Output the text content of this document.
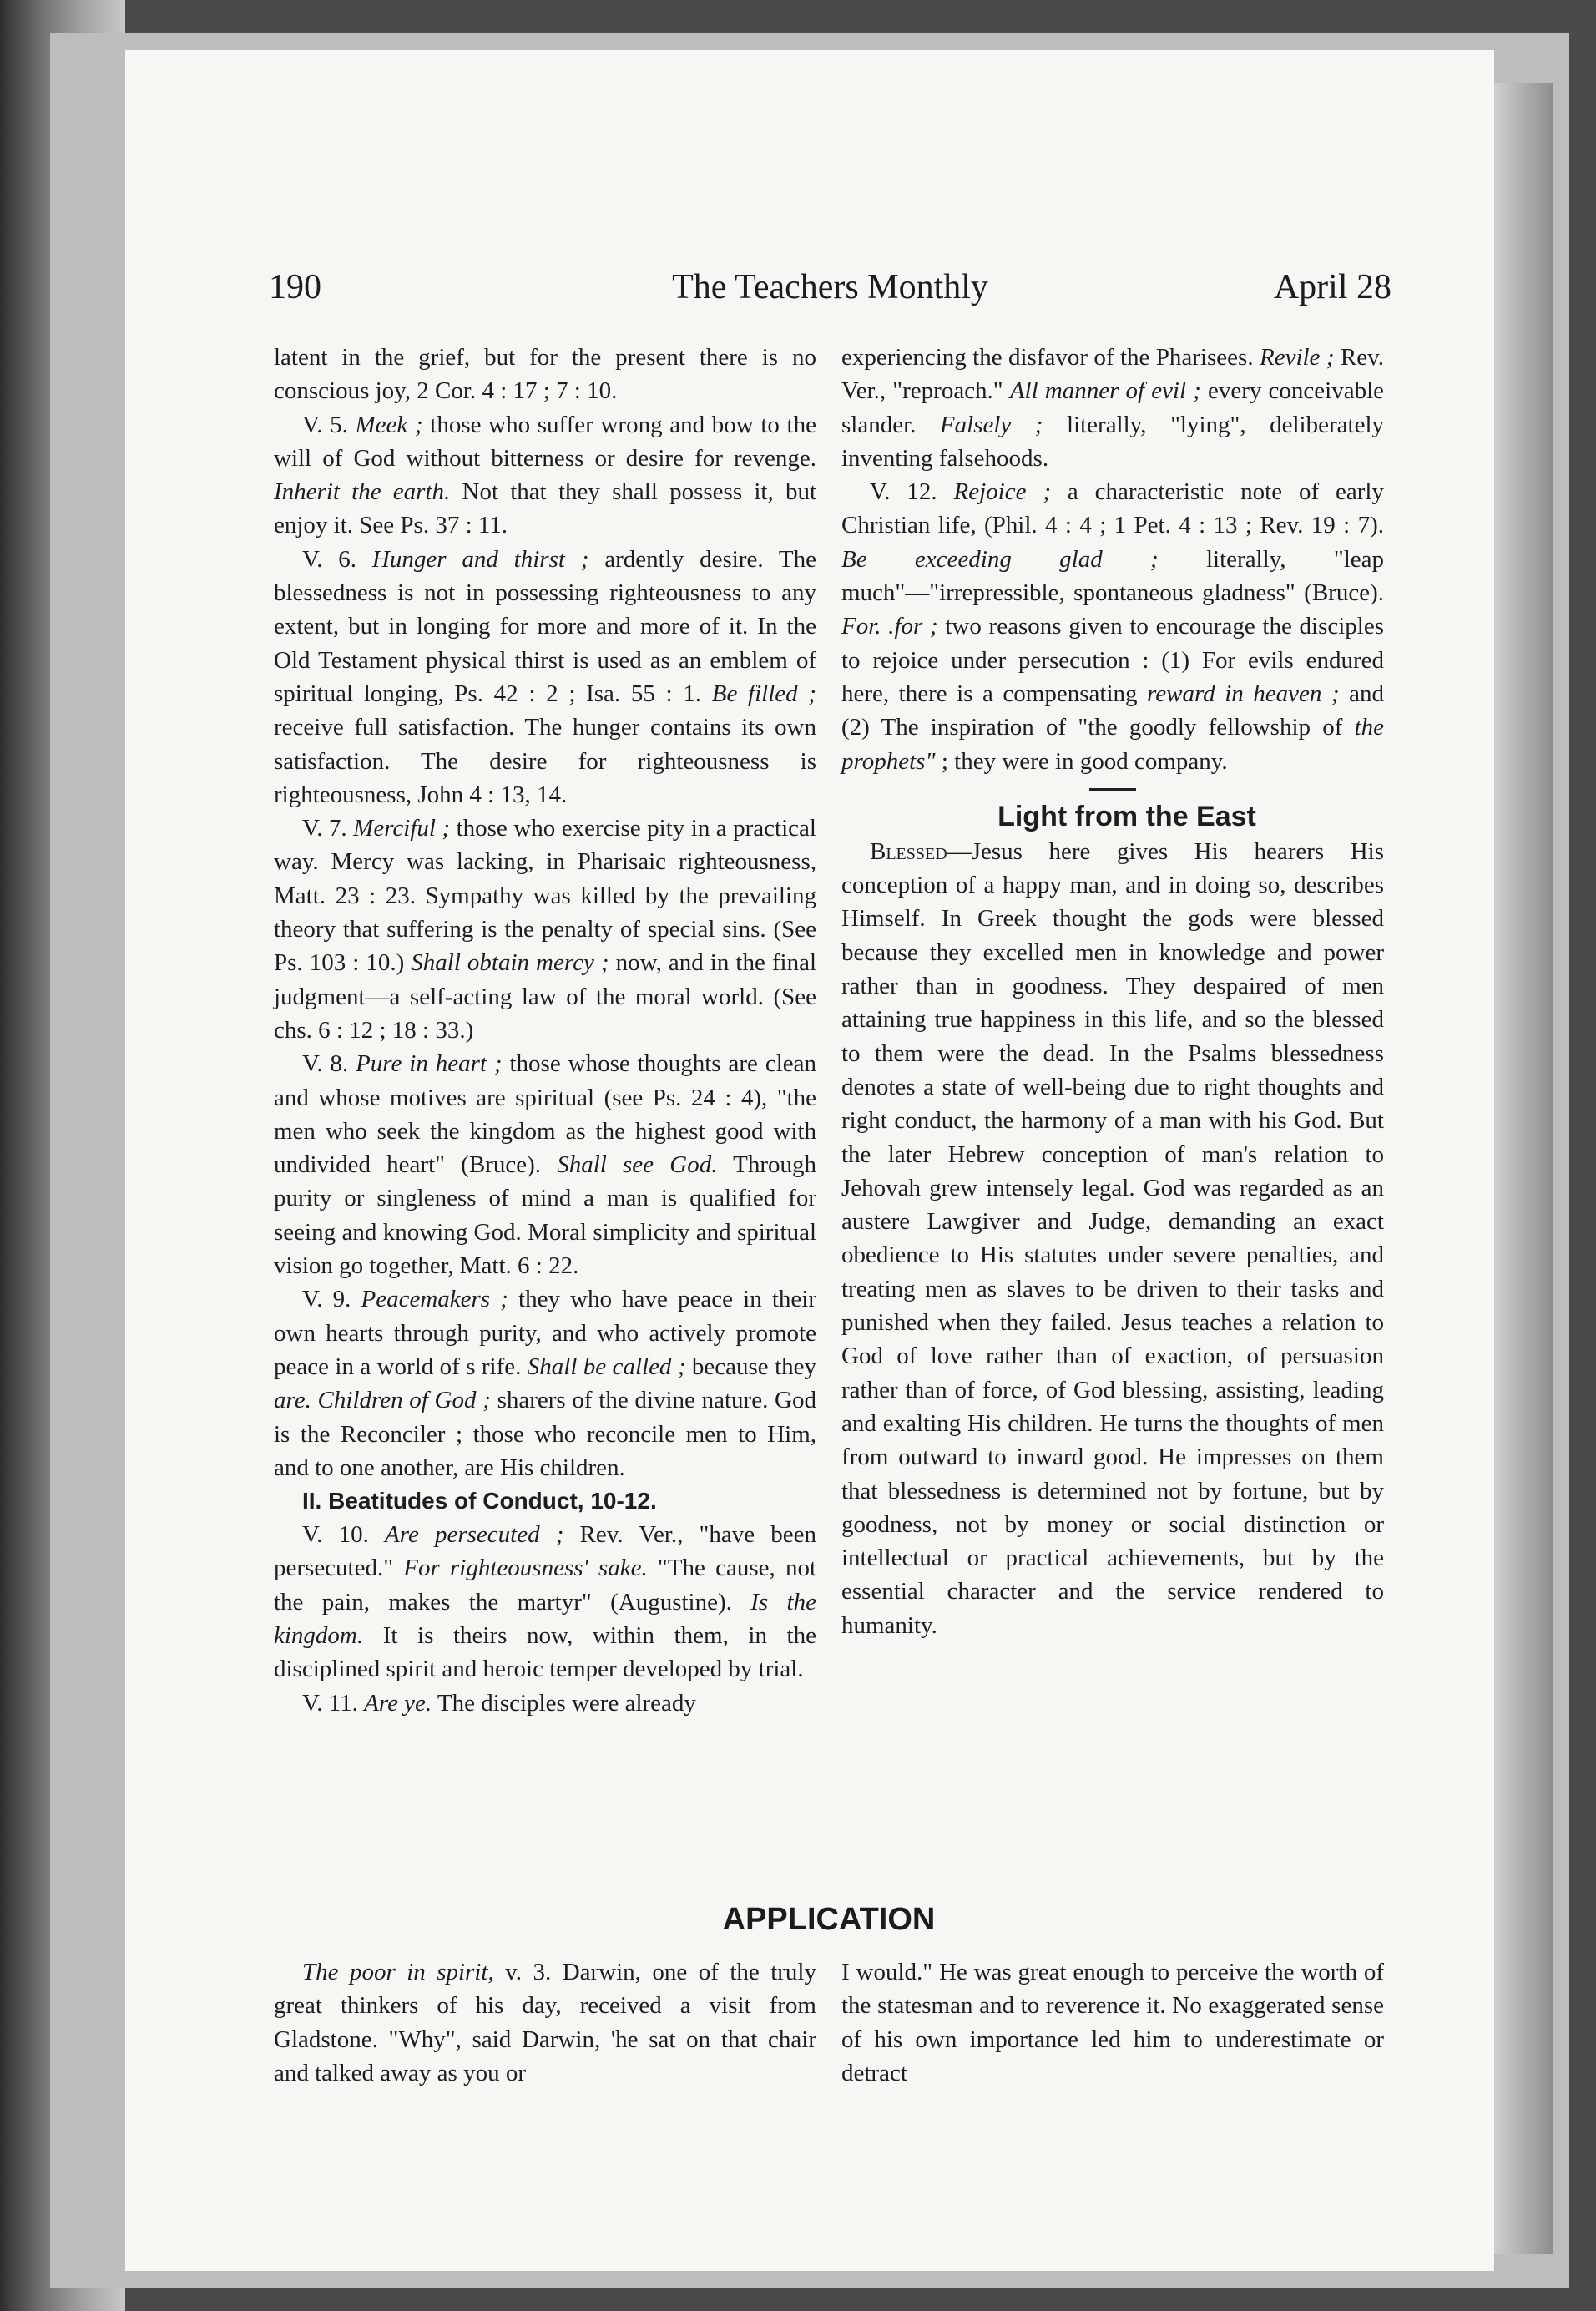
The Teachers Monthly
190	April 28

latent in the grief, but for the present there is no conscious joy, 2 Cor. 4 : 17 ; 7 : 10.

V. 5. Meek ; those who suffer wrong and bow to the will of God without bitterness or desire for revenge. Inherit the earth. Not that they shall possess it, but enjoy it. See Ps. 37 : 11.

V. 6. Hunger and thirst ; ardently desire. The blessedness is not in possessing righteousness to any extent, but in longing for more and more of it. In the Old Testament physical thirst is used as an emblem of spiritual longing, Ps. 42 : 2 ; Isa. 55 : 1. Be filled ; receive full satisfaction. The hunger contains its own satisfaction. The desire for righteousness is righteousness, John 4 : 13, 14.

V. 7. Merciful ; those who exercise pity in a practical way. Mercy was lacking, in Pharisaic righteousness, Matt. 23 : 23. Sympathy was killed by the prevailing theory that suffering is the penalty of special sins. (See Ps. 103 : 10.) Shall obtain mercy ; now, and in the final judgment—a self-acting law of the moral world. (See chs. 6 : 12 ; 18 : 33.)

V. 8. Pure in heart ; those whose thoughts are clean and whose motives are spiritual (see Ps. 24 : 4), "the men who seek the kingdom as the highest good with undivided heart" (Bruce). Shall see God. Through purity or singleness of mind a man is qualified for seeing and knowing God. Moral simplicity and spiritual vision go together, Matt. 6 : 22.

V. 9. Peacemakers ; they who have peace in their own hearts through purity, and who actively promote peace in a world of s rife. Shall be called ; because they are. Children of God ; sharers of the divine nature. God is the Reconciler ; those who reconcile men to Him, and to one another, are His children.

II. Beatitudes of Conduct, 10-12.

V. 10. Are persecuted ; Rev. Ver., "have been persecuted." For righteousness' sake. "The cause, not the pain, makes the martyr" (Augustine). Is the kingdom. It is theirs now, within them, in the disciplined spirit and heroic temper developed by trial.

V. 11. Are ye. The disciples were already

experiencing the disfavor of the Pharisees. Revile ; Rev. Ver., "reproach." All manner of evil ; every conceivable slander. Falsely ; literally, "lying", deliberately inventing falsehoods.

V. 12. Rejoice ; a characteristic note of early Christian life, (Phil. 4 : 4 ; 1 Pet. 4 : 13 ; Rev. 19 : 7). Be exceeding glad ; literally, "leap much"—"irrepressible, spontaneous gladness" (Bruce). For. .for ; two reasons given to encourage the disciples to rejoice under persecution : (1) For evils endured here, there is a compensating reward in heaven ; and (2) The inspiration of "the goodly fellowship of the prophets" ; they were in good company.

Light from the East

Blessed—Jesus here gives His hearers His conception of a happy man, and in doing so, describes Himself. In Greek thought the gods were blessed because they excelled men in knowledge and power rather than in goodness. They despaired of men attaining true happiness in this life, and so the blessed to them were the dead. In the Psalms blessedness denotes a state of well-being due to right thoughts and right conduct, the harmony of a man with his God. But the later Hebrew conception of man's relation to Jehovah grew intensely legal. God was regarded as an austere Lawgiver and Judge, demanding an exact obedience to His statutes under severe penalties, and treating men as slaves to be driven to their tasks and punished when they failed. Jesus teaches a relation to God of love rather than of exaction, of persuasion rather than of force, of God blessing, assisting, leading and exalting His children. He turns the thoughts of men from outward to inward good. He impresses on them that blessedness is determined not by fortune, but by goodness, not by money or social distinction or intellectual or practical achievements, but by the essential character and the service rendered to humanity.

APPLICATION

The poor in spirit, v. 3. Darwin, one of the truly great thinkers of his day, received a visit from Gladstone. "Why", said Darwin, 'he sat on that chair and talked away as you or

I would." He was great enough to perceive the worth of the statesman and to reverence it. No exaggerated sense of his own importance led him to underestimate or detract
